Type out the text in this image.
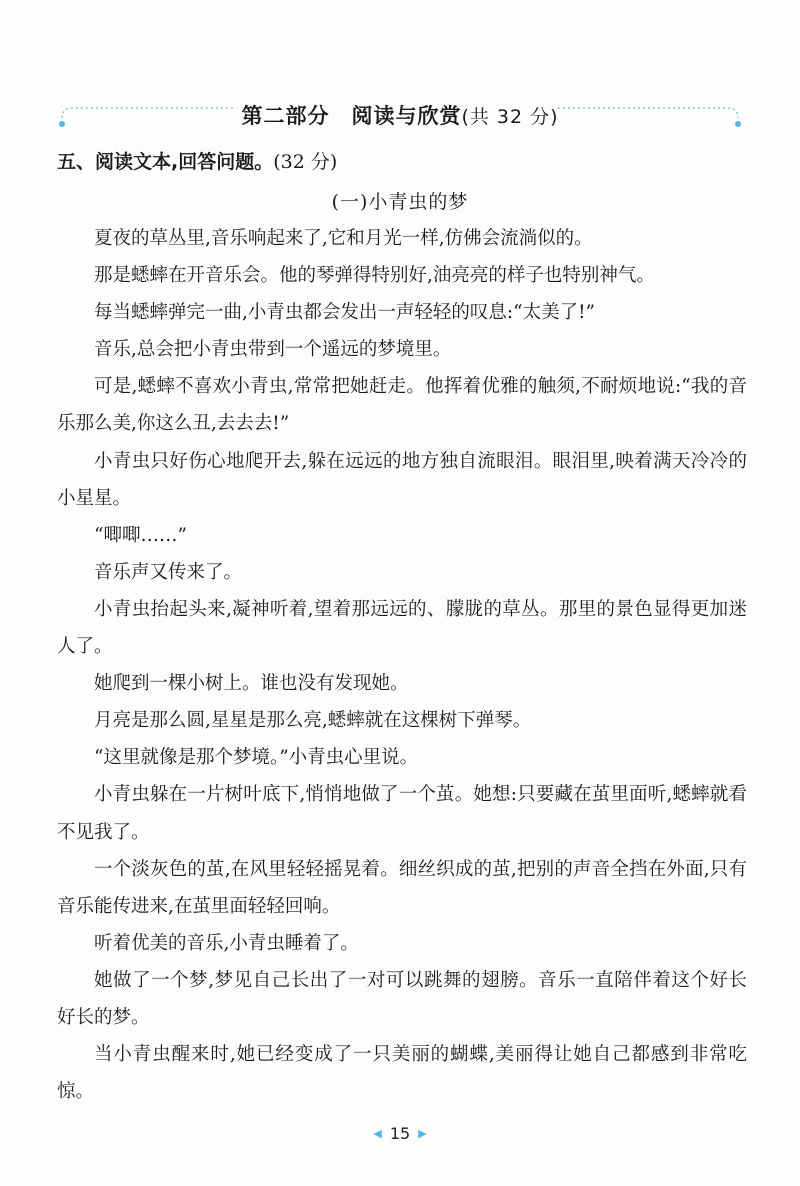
第二部分　阅读与欣赏(共 32 分)
五、阅读文本,回答问题。(32 分)
(一)小青虫的梦

夏夜的草丛里,音乐响起来了,它和月光一样,仿佛会流淌似的。

那是蟋蟀在开音乐会。他的琴弹得特别好,油亮亮的样子也特别神气。

每当蟋蟀弹完一曲,小青虫都会发出一声轻轻的叹息:“太美了!”

音乐,总会把小青虫带到一个遥远的梦境里。

可是,蟋蟀不喜欢小青虫,常常把她赶走。他挥着优雅的触须,不耐烦地说:“我的音乐那么美,你这么丑,去去去!”

小青虫只好伤心地爬开去,躲在远远的地方独自流眼泪。眼泪里,映着满天冷冷的小星星。

“唧唧……”

音乐声又传来了。

小青虫抬起头来,凝神听着,望着那远远的、朦胧的草丛。那里的景色显得更加迷人了。

她爬到一棵小树上。谁也没有发现她。

月亮是那么圆,星星是那么亮,蟋蟀就在这棵树下弹琴。

“这里就像是那个梦境。”小青虫心里说。

小青虫躲在一片树叶底下,悄悄地做了一个茧。她想:只要藏在茧里面听,蟋蟀就看不见我了。

一个淡灰色的茧,在风里轻轻摇晃着。细丝织成的茧,把别的声音全挡在外面,只有音乐能传进来,在茧里面轻轻回响。

听着优美的音乐,小青虫睡着了。

她做了一个梦,梦见自己长出了一对可以跳舞的翅膀。音乐一直陪伴着这个好长好长的梦。

当小青虫醒来时,她已经变成了一只美丽的蝴蝶,美丽得让她自己都感到非常吃惊。

◀ 15 ▶
